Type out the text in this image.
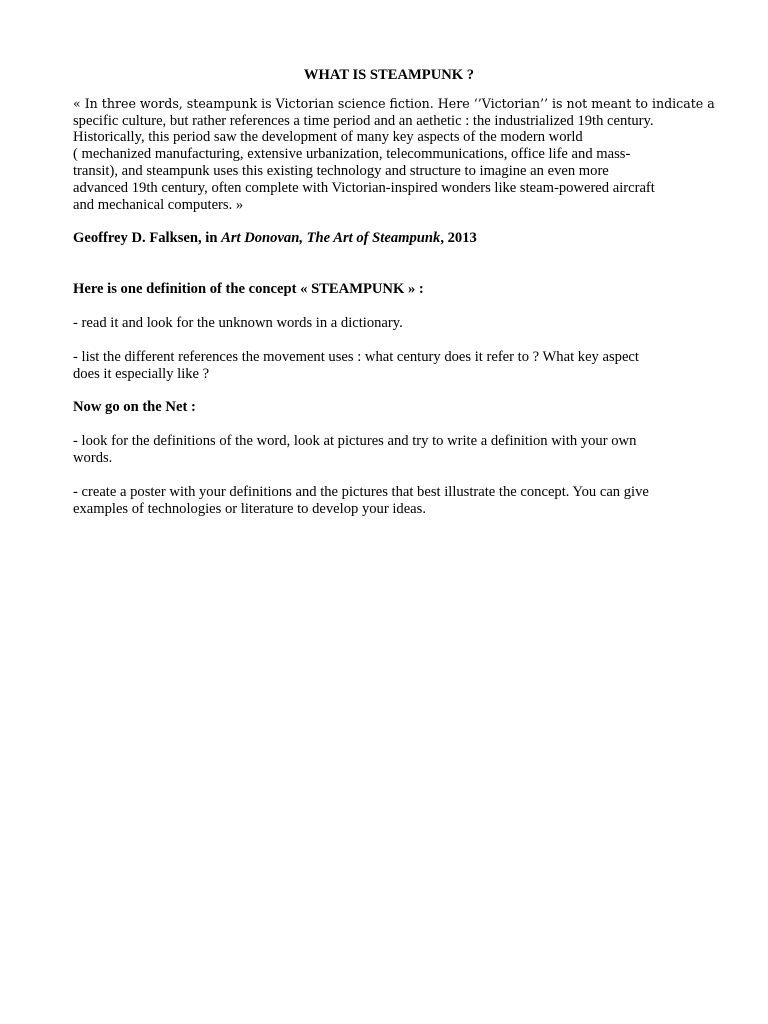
WHAT IS STEAMPUNK ?
« In three words, steampunk is Victorian science fiction. Here ‘’Victorian’’ is not meant to indicate a
specific culture, but rather references a time period and an aethetic : the industrialized 19th century.
Historically, this period saw the development of many key aspects of the modern world
( mechanized manufacturing, extensive urbanization, telecommunications, office life and mass-
transit), and steampunk uses this existing technology and structure to imagine an even more
advanced 19th century, often complete with Victorian-inspired wonders like steam-powered aircraft
and mechanical computers. »
Geoffrey D. Falksen, in Art Donovan, The Art of Steampunk, 2013
Here is one definition of the concept « STEAMPUNK » :
- read it and look for the unknown words in a dictionary.
- list the different references the movement uses : what century does it refer to ? What key aspect
does it especially like ?
Now go on the Net :
- look for the definitions of the word, look at pictures and try to write a definition with your own
words.
- create a poster with your definitions and the pictures that best illustrate the concept. You can give
examples of technologies or literature to develop your ideas.
